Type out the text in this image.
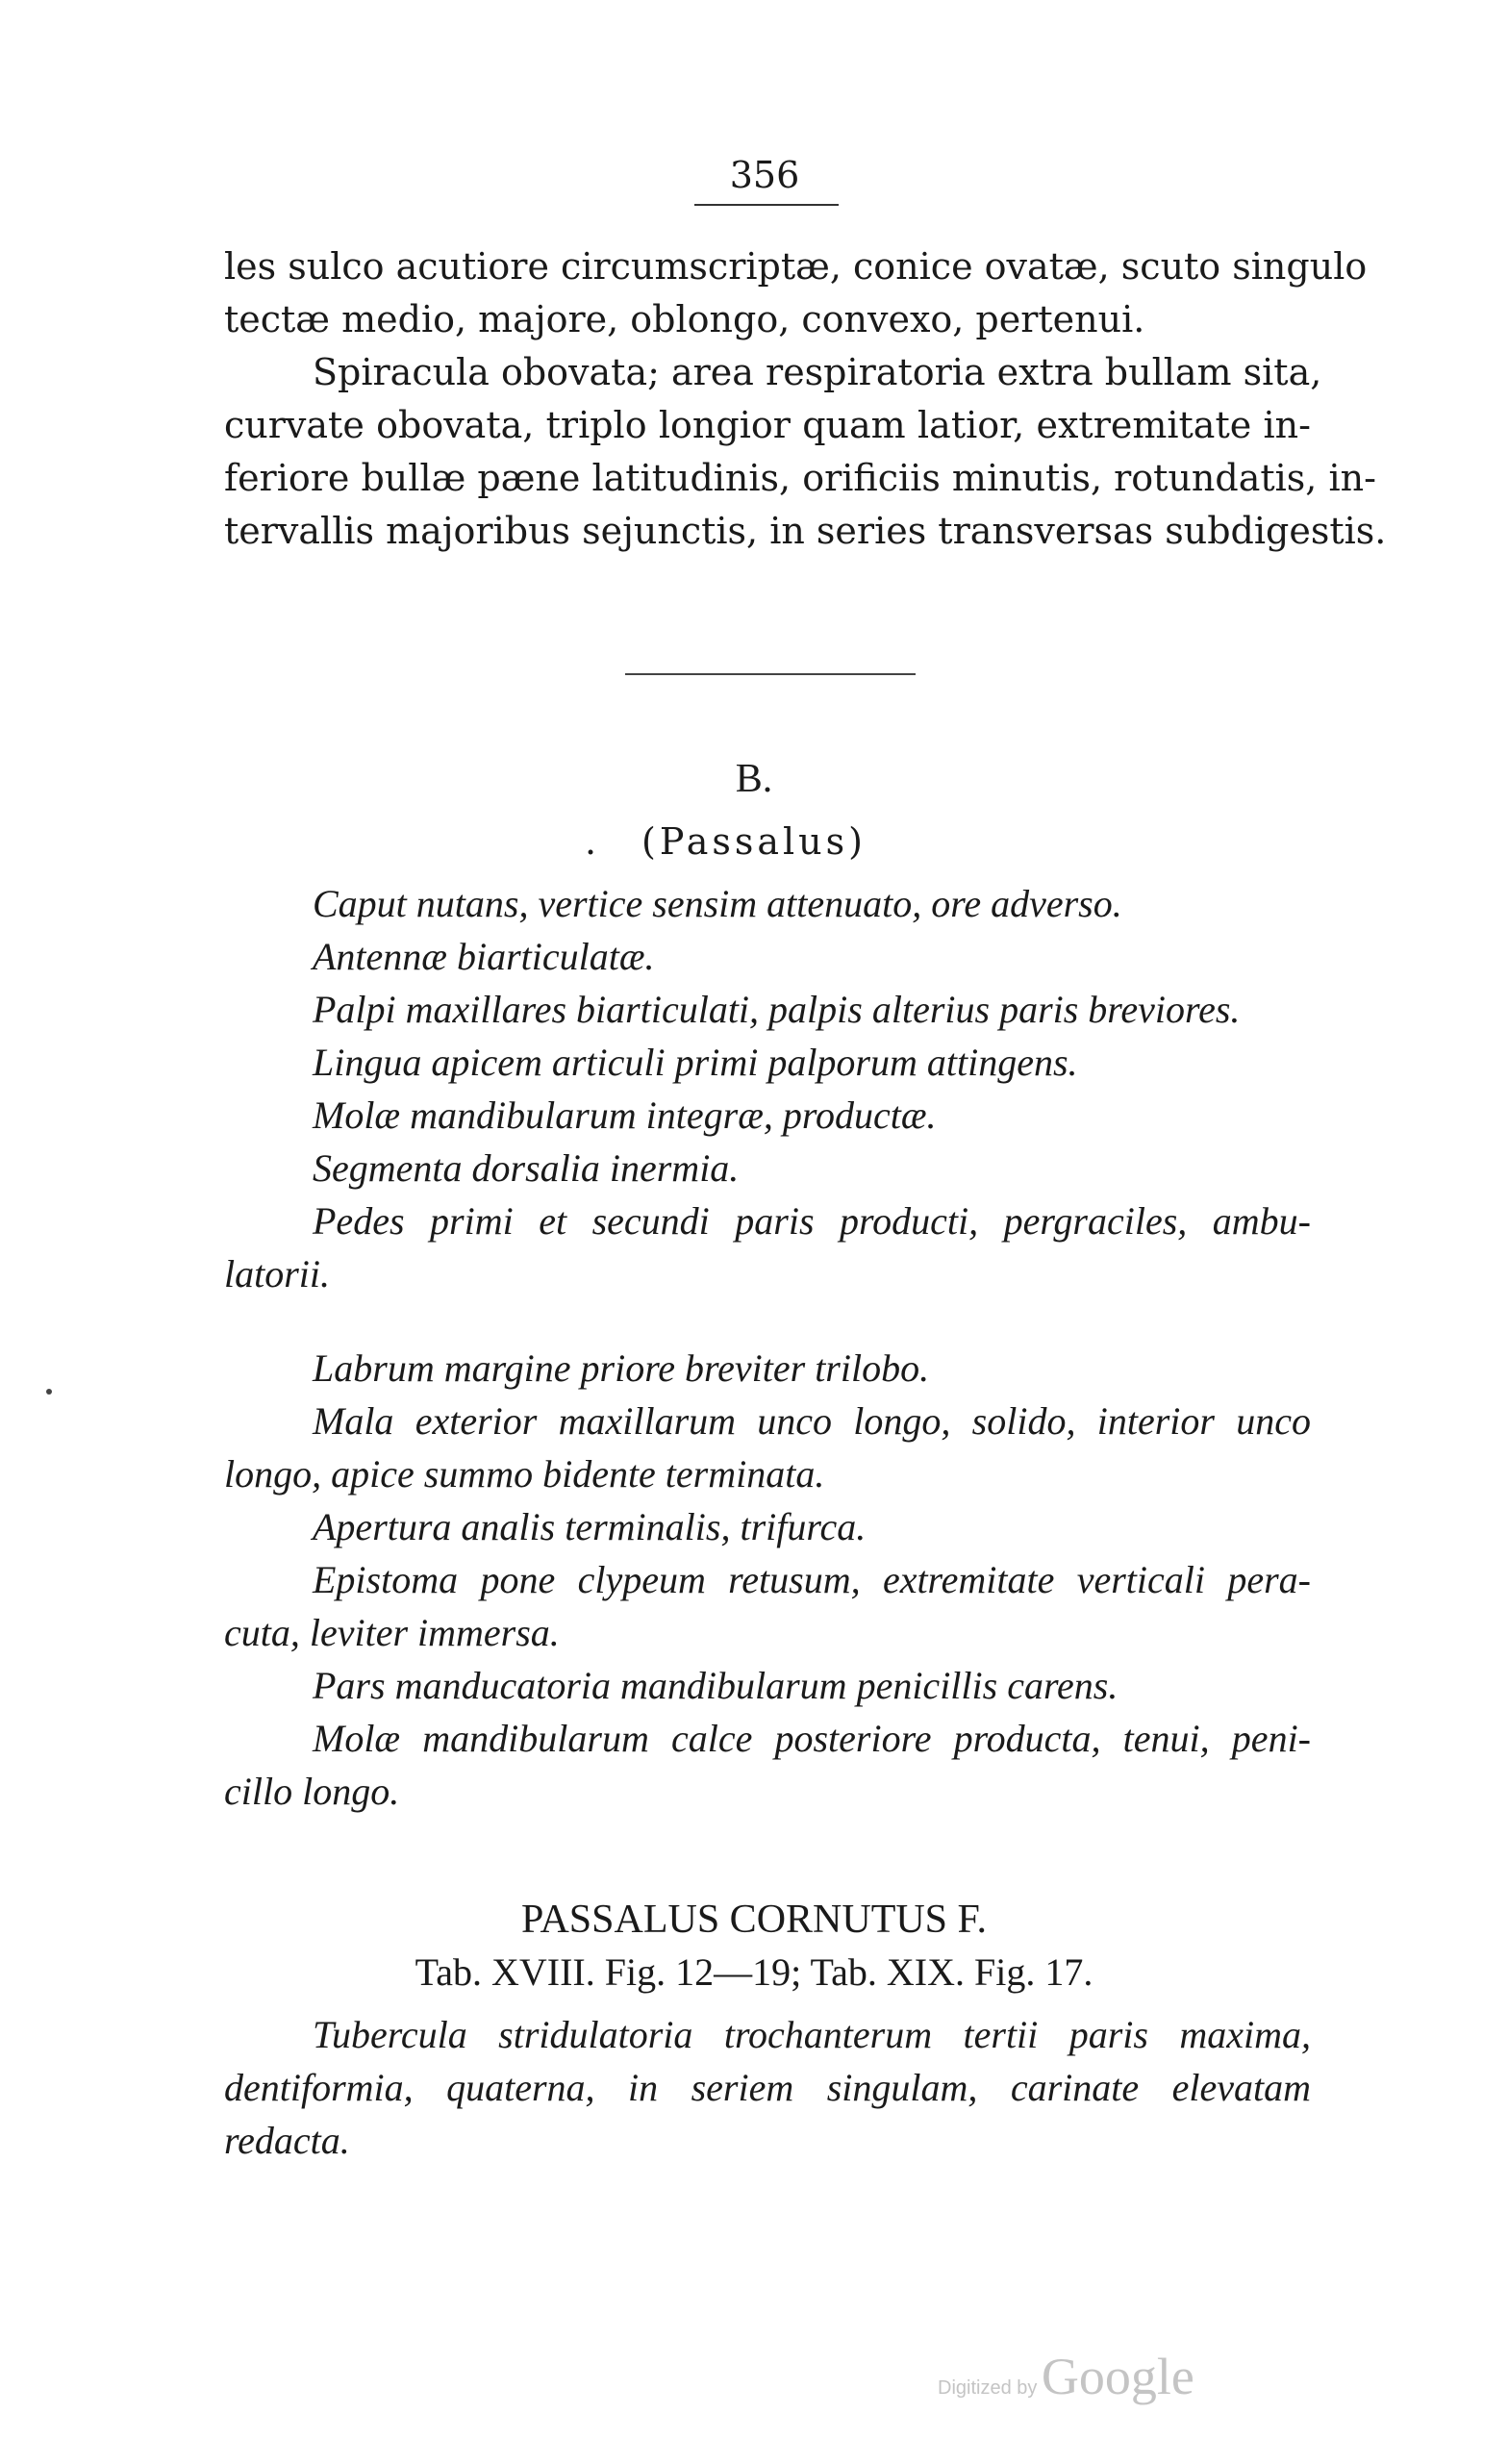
356
les sulco acutiore circumscriptæ, conice ovatæ, scuto singulo
tectæ medio, majore, oblongo, convexo, pertenui.
Spiracula obovata; area respiratoria extra bullam sita,
curvate obovata, triplo longior quam latior, extremitate in-
feriore bullæ pæne latitudinis, orificiis minutis, rotundatis, in-
tervallis majoribus sejunctis, in series transversas subdigestis.
B.
. (Passalus)
Caput nutans, vertice sensim attenuato, ore adverso.
Antennæ biarticulatæ.
Palpi maxillares biarticulati, palpis alterius paris breviores.
Lingua apicem articuli primi palporum attingens.
Molæ mandibularum integræ, productæ.
Segmenta dorsalia inermia.
Pedes primi et secundi paris producti, pergraciles, ambu-
latorii.
Labrum margine priore breviter trilobo.
Mala exterior maxillarum unco longo, solido, interior unco
longo, apice summo bidente terminata.
Apertura analis terminalis, trifurca.
Epistoma pone clypeum retusum, extremitate verticali pera-
cuta, leviter immersa.
Pars manducatoria mandibularum penicillis carens.
Molæ mandibularum calce posteriore producta, tenui, peni-
cillo longo.
PASSALUS CORNUTUS F.
Tab. XVIII. Fig. 12—19; Tab. XIX. Fig. 17.
Tubercula stridulatoria trochanterum tertii paris maxima,
dentiformia, quaterna, in seriem singulam, carinate elevatam
redacta.
Digitized by Google
